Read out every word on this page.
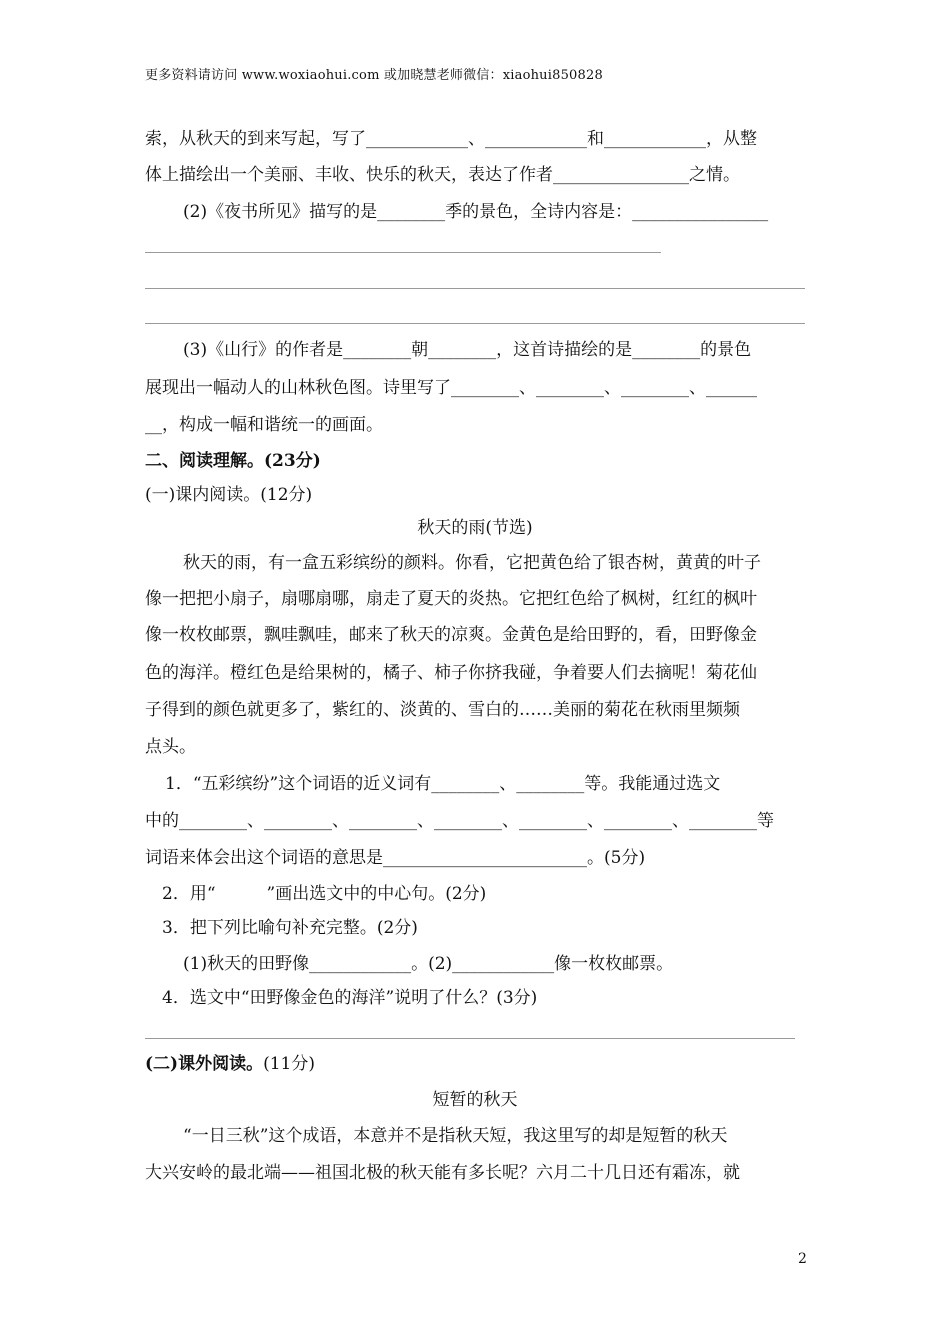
更多资料请访问 www.woxiaohui.com 或加晓慧老师微信：xiaohui850828
索，从秋天的到来写起，写了____________、____________和____________，从整
体上描绘出一个美丽、丰收、快乐的秋天，表达了作者________________之情。
(2)《夜书所见》描写的是________季的景色，全诗内容是：________________
(3)《山行》的作者是________朝________，这首诗描绘的是________的景色
展现出一幅动人的山林秋色图。诗里写了________、________、________、______
__，构成一幅和谐统一的画面。
二、阅读理解。(23分)
(一)课内阅读。(12分)
秋天的雨(节选)
秋天的雨，有一盒五彩缤纷的颜料。你看，它把黄色给了银杏树，黄黄的叶子
像一把把小扇子，扇哪扇哪，扇走了夏天的炎热。它把红色给了枫树，红红的枫叶
像一枚枚邮票，飘哇飘哇，邮来了秋天的凉爽。金黄色是给田野的，看，田野像金
色的海洋。橙红色是给果树的，橘子、柿子你挤我碰，争着要人们去摘呢！菊花仙
子得到的颜色就更多了，紫红的、淡黄的、雪白的……美丽的菊花在秋雨里频频
点头。
1．“五彩缤纷”这个词语的近义词有________、________等。我能通过选文
中的________、________、________、________、________、________、________等
词语来体会出这个词语的意思是________________________。(5分)
2．用“　　　”画出选文中的中心句。(2分)
3．把下列比喻句补充完整。(2分)
(1)秋天的田野像____________。(2)____________像一枚枚邮票。
4．选文中“田野像金色的海洋”说明了什么？(3分)
(二)课外阅读。(11分)
短暂的秋天
“一日三秋”这个成语，本意并不是指秋天短，我这里写的却是短暂的秋天
大兴安岭的最北端——祖国北极的秋天能有多长呢？六月二十几日还有霜冻，就
2
